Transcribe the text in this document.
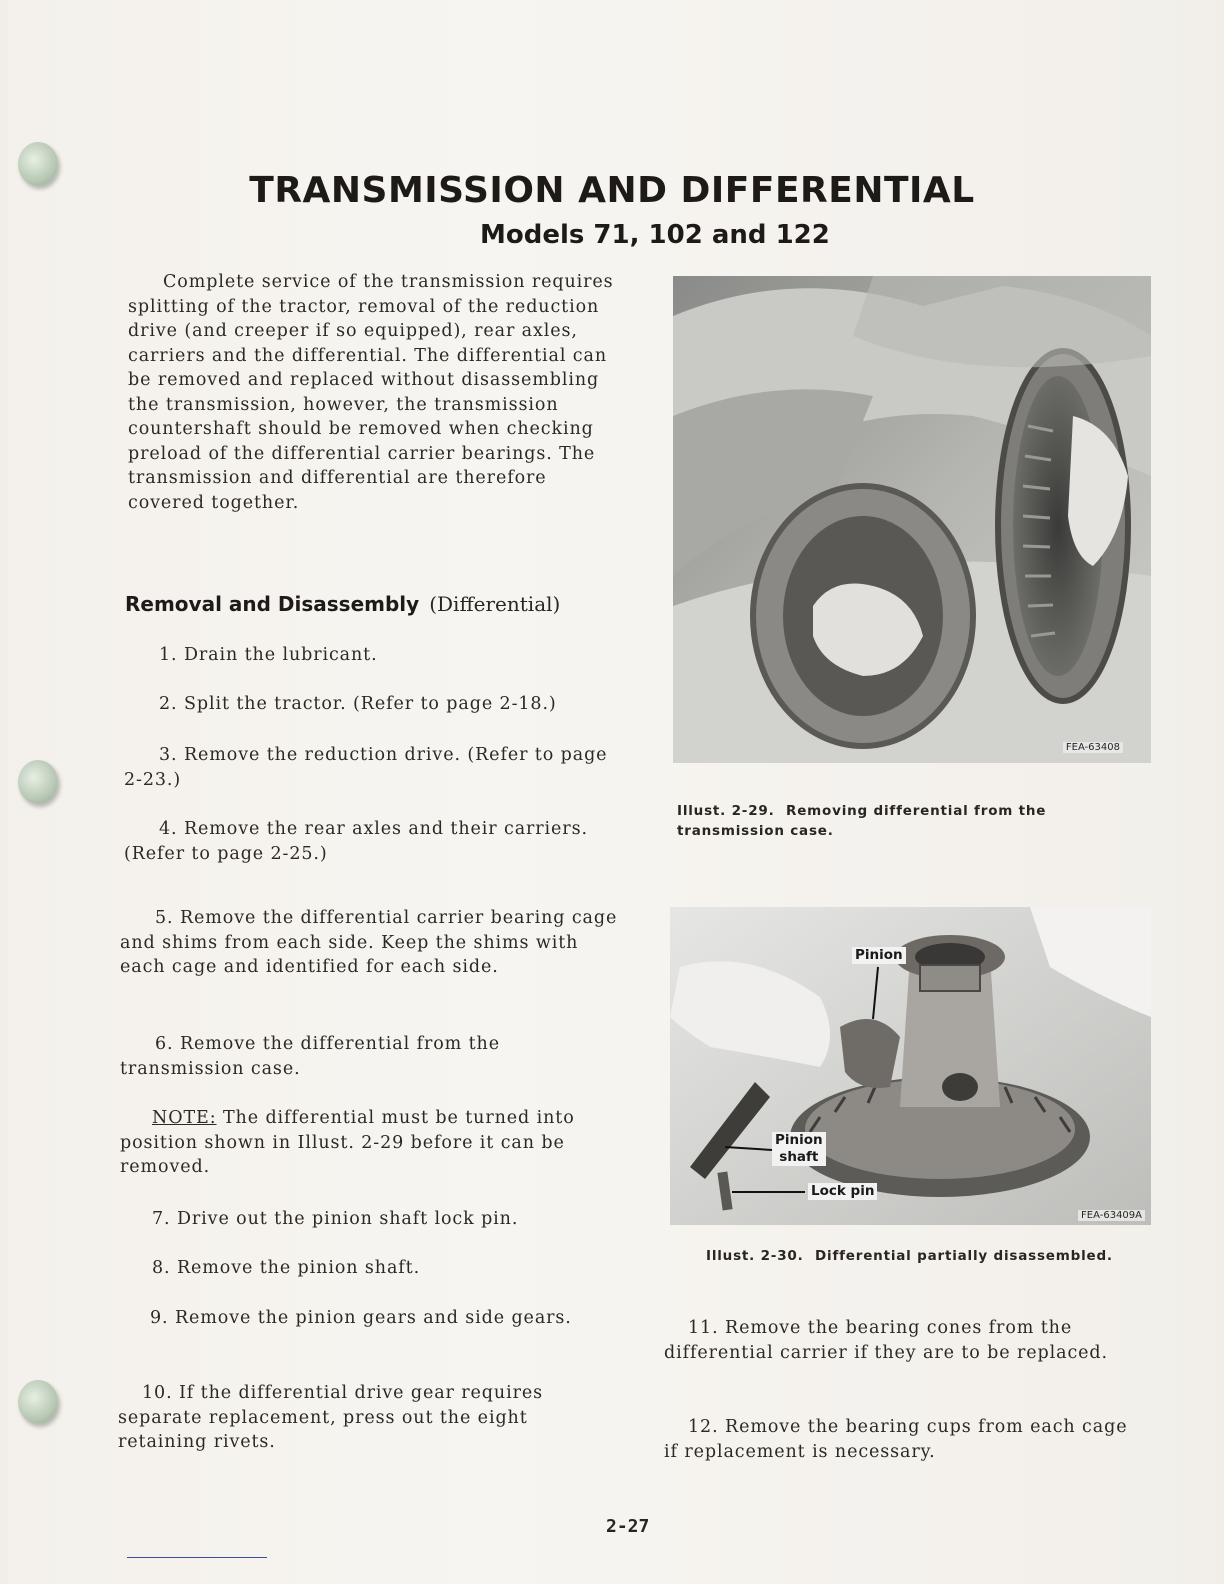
TRANSMISSION AND DIFFERENTIAL
Models 71, 102 and 122

Complete service of the transmission requires splitting of the tractor, removal of the reduction drive (and creeper if so equipped), rear axles, carriers and the differential. The differential can be removed and replaced without disassembling the transmission, however, the transmission countershaft should be removed when checking preload of the differential carrier bearings. The transmission and differential are therefore covered together.

Removal and Disassembly (Differential)

1. Drain the lubricant.

2. Split the tractor. (Refer to page 2-18.)

3. Remove the reduction drive. (Refer to page 2-23.)

4. Remove the rear axles and their carriers. (Refer to page 2-25.)

5. Remove the differential carrier bearing cage and shims from each side. Keep the shims with each cage and identified for each side.

6. Remove the differential from the transmission case.

NOTE: The differential must be turned into position shown in Illust. 2-29 before it can be removed.

7. Drive out the pinion shaft lock pin.

8. Remove the pinion shaft.

9. Remove the pinion gears and side gears.

10. If the differential drive gear requires separate replacement, press out the eight retaining rivets.

11. Remove the bearing cones from the differential carrier if they are to be replaced.

12. Remove the bearing cups from each cage if replacement is necessary.

FEA-63408
Illust. 2-29. Removing differential from the transmission case.
Pinion
Pinion
shaft
Lock pin
FEA-63409A
Illust. 2-30. Differential partially disassembled.
2-27
